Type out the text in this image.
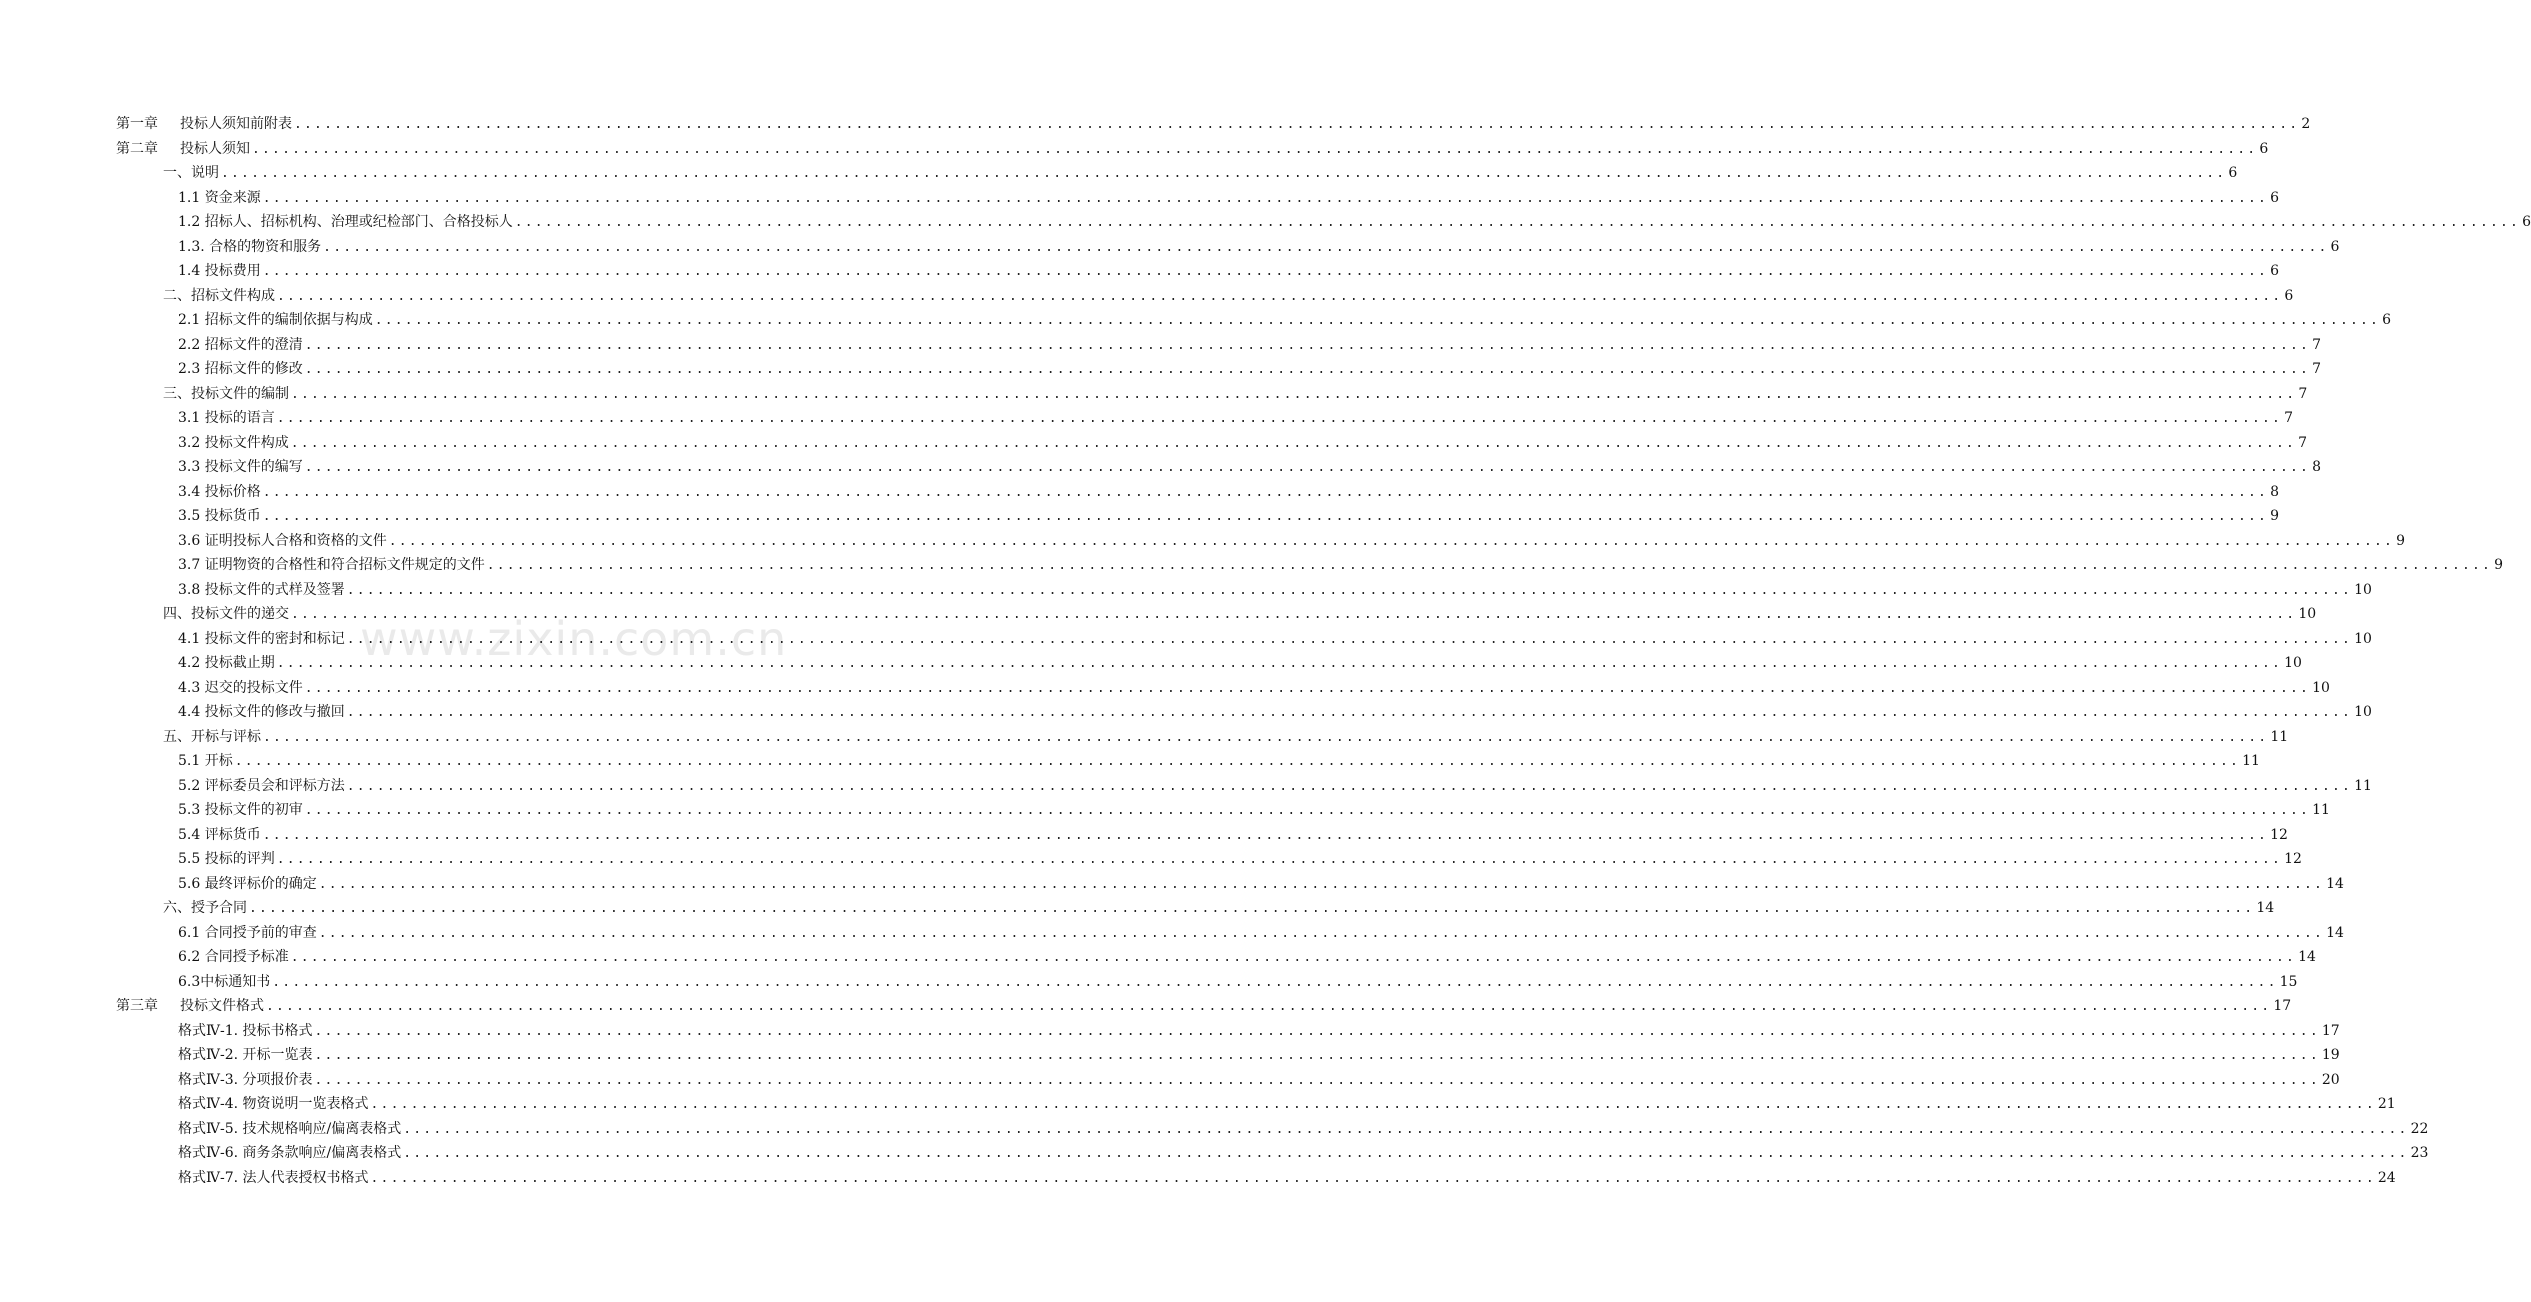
www.zixin.com.cn
第一章 投标人须知前附表 ........................................................................................................................................................................................................ 2
第二章 投标人须知 ........................................................................................................................................................................................................ 6
一、说明 ........................................................................................................................................................................................................ 6
1.1 资金来源 ........................................................................................................................................................................................................ 6
1.2 招标人、招标机构、治理或纪检部门、合格投标人 ........................................................................................................................................................................................................ 6
1.3. 合格的物资和服务 ........................................................................................................................................................................................................ 6
1.4 投标费用 ........................................................................................................................................................................................................ 6
二、招标文件构成 ........................................................................................................................................................................................................ 6
2.1 招标文件的编制依据与构成 ........................................................................................................................................................................................................ 6
2.2 招标文件的澄清 ........................................................................................................................................................................................................ 7
2.3 招标文件的修改 ........................................................................................................................................................................................................ 7
三、投标文件的编制 ........................................................................................................................................................................................................ 7
3.1 投标的语言 ........................................................................................................................................................................................................ 7
3.2 投标文件构成 ........................................................................................................................................................................................................ 7
3.3 投标文件的编写 ........................................................................................................................................................................................................ 8
3.4 投标价格 ........................................................................................................................................................................................................ 8
3.5 投标货币 ........................................................................................................................................................................................................ 9
3.6 证明投标人合格和资格的文件 ........................................................................................................................................................................................................ 9
3.7 证明物资的合格性和符合招标文件规定的文件 ........................................................................................................................................................................................................ 9
3.8 投标文件的式样及签署 ........................................................................................................................................................................................................ 10
四、投标文件的递交 ........................................................................................................................................................................................................ 10
4.1 投标文件的密封和标记 ........................................................................................................................................................................................................ 10
4.2 投标截止期 ........................................................................................................................................................................................................ 10
4.3 迟交的投标文件 ........................................................................................................................................................................................................ 10
4.4 投标文件的修改与撤回 ........................................................................................................................................................................................................ 10
五、开标与评标 ........................................................................................................................................................................................................ 11
5.1 开标 ........................................................................................................................................................................................................ 11
5.2 评标委员会和评标方法 ........................................................................................................................................................................................................ 11
5.3 投标文件的初审 ........................................................................................................................................................................................................ 11
5.4 评标货币 ........................................................................................................................................................................................................ 12
5.5 投标的评判 ........................................................................................................................................................................................................ 12
5.6 最终评标价的确定 ........................................................................................................................................................................................................ 14
六、授予合同 ........................................................................................................................................................................................................ 14
6.1 合同授予前的审查 ........................................................................................................................................................................................................ 14
6.2 合同授予标准 ........................................................................................................................................................................................................ 14
6.3中标通知书 ........................................................................................................................................................................................................ 15
第三章 投标文件格式 ........................................................................................................................................................................................................ 17
格式Ⅳ-1. 投标书格式 ........................................................................................................................................................................................................ 17
格式Ⅳ-2. 开标一览表 ........................................................................................................................................................................................................ 19
格式Ⅳ-3. 分项报价表 ........................................................................................................................................................................................................ 20
格式Ⅳ-4. 物资说明一览表格式 ........................................................................................................................................................................................................ 21
格式Ⅳ-5. 技术规格响应/偏离表格式 ........................................................................................................................................................................................................ 22
格式Ⅳ-6. 商务条款响应/偏离表格式 ........................................................................................................................................................................................................ 23
格式Ⅳ-7. 法人代表授权书格式 ........................................................................................................................................................................................................ 24
